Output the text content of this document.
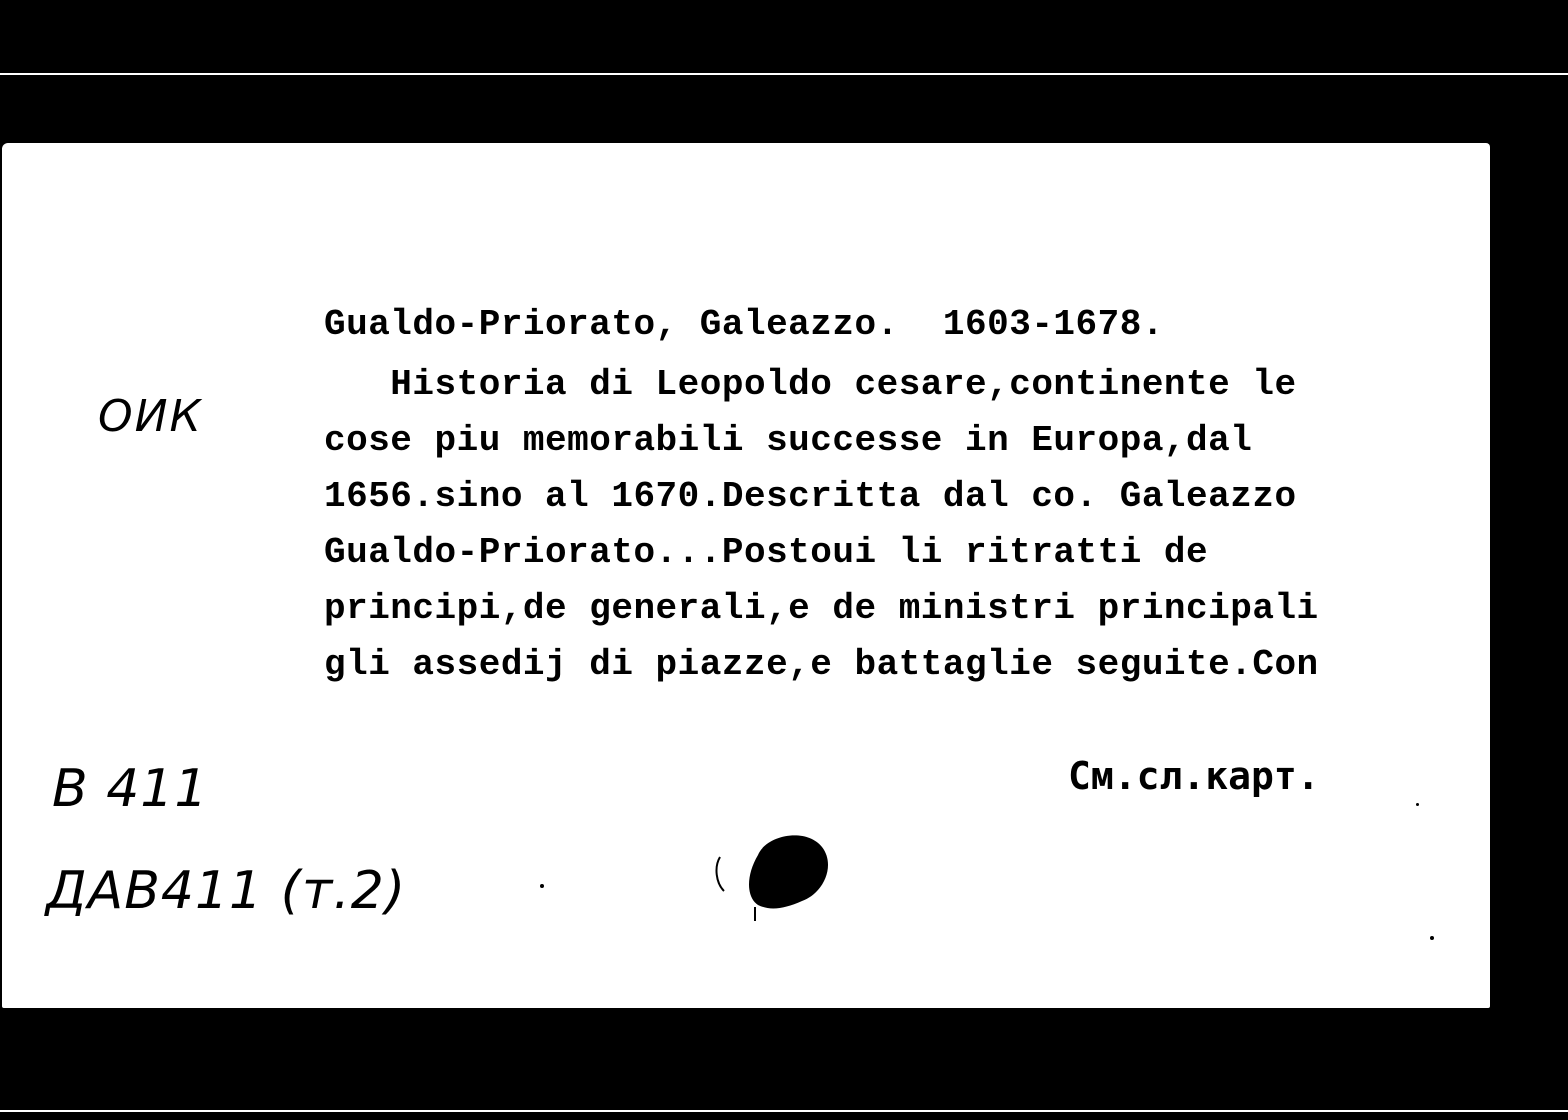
Gualdo-Priorato, Galeazzo.  1603-1678.
Historia di Leopoldo cesare,continente le
cose piu memorabili successe in Europa,dal
1656.sino al 1670.Descritta dal co. Galeazzo
Gualdo-Priorato...Postoui li ritratti de
principi,de generali,e de ministri principali
gli assedij di piazze,e battaglie seguite.Con
См.сл.карт.
ОИК
В 411
ДАВ411 (т.2)
